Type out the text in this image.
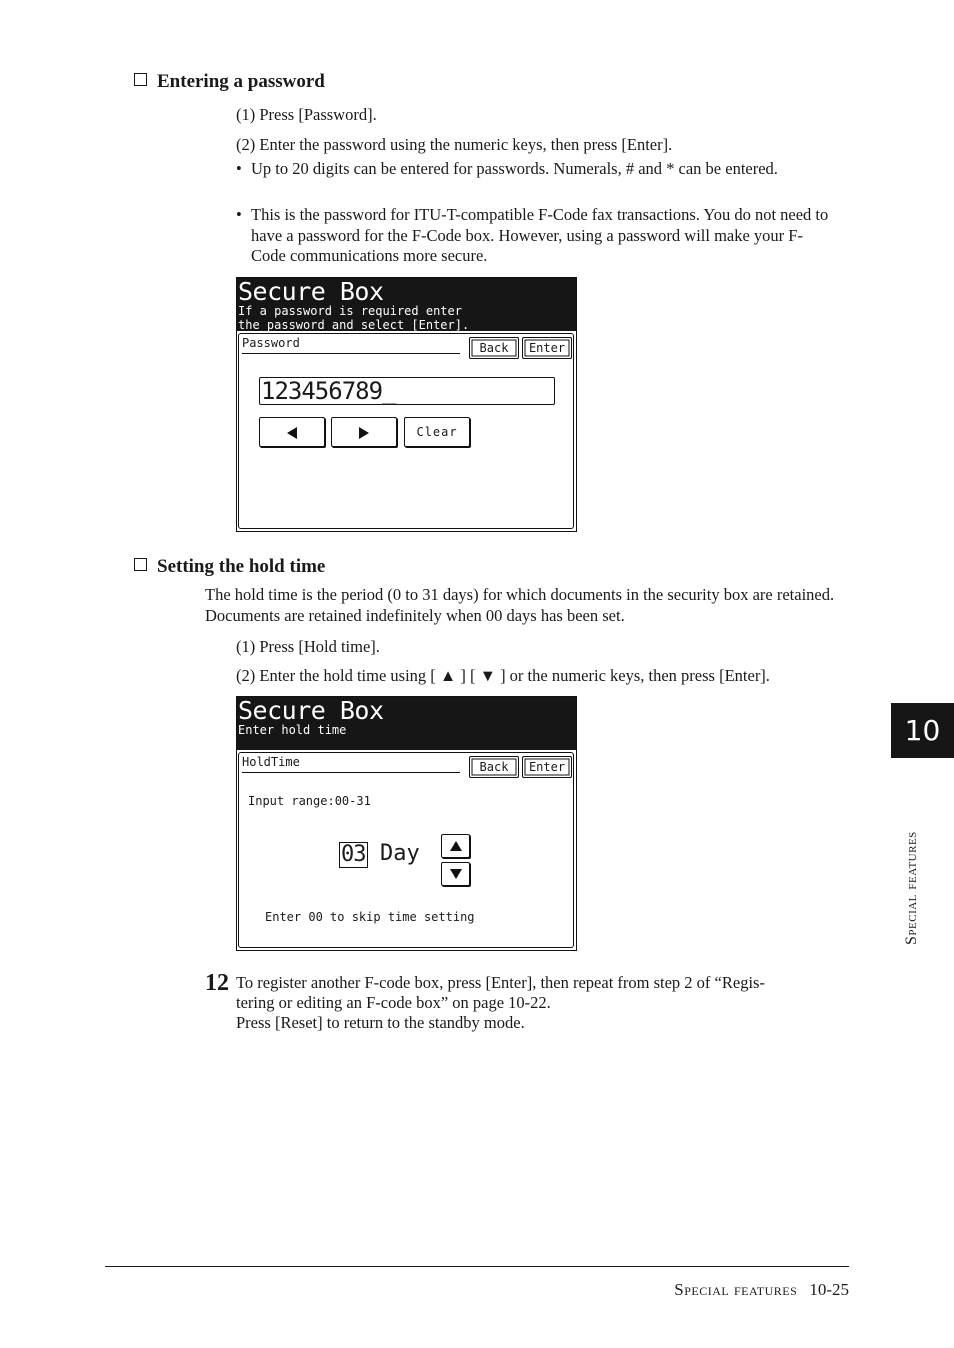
Entering a password
(1) Press [Password].
(2) Enter the password using the numeric keys, then press [Enter].
• Up to 20 digits can be entered for passwords. Numerals, # and * can be entered.
• This is the password for ITU-T-compatible F-Code fax transactions. You do not need to have a password for the F-Code box. However, using a password will make your F-Code communications more secure.
Secure Box
If a password is required enter
the password and select [Enter].
Password	Back	Enter
123456789_
Clear
Setting the hold time
The hold time is the period (0 to 31 days) for which documents in the security box are retained. Documents are retained indefinitely when 00 days has been set.
(1) Press [Hold time].
(2) Enter the hold time using [ ▲ ] [ ▼ ] or the numeric keys, then press [Enter].
Secure Box
Enter hold time
HoldTime	Back	Enter
Input range:00-31
03 Day
Enter 00 to skip time setting
12 To register another F-code box, press [Enter], then repeat from step 2 of “Regis-
tering or editing an F-code box” on page 10-22.
Press [Reset] to return to the standby mode.
10
Special features
Special features 10-25
